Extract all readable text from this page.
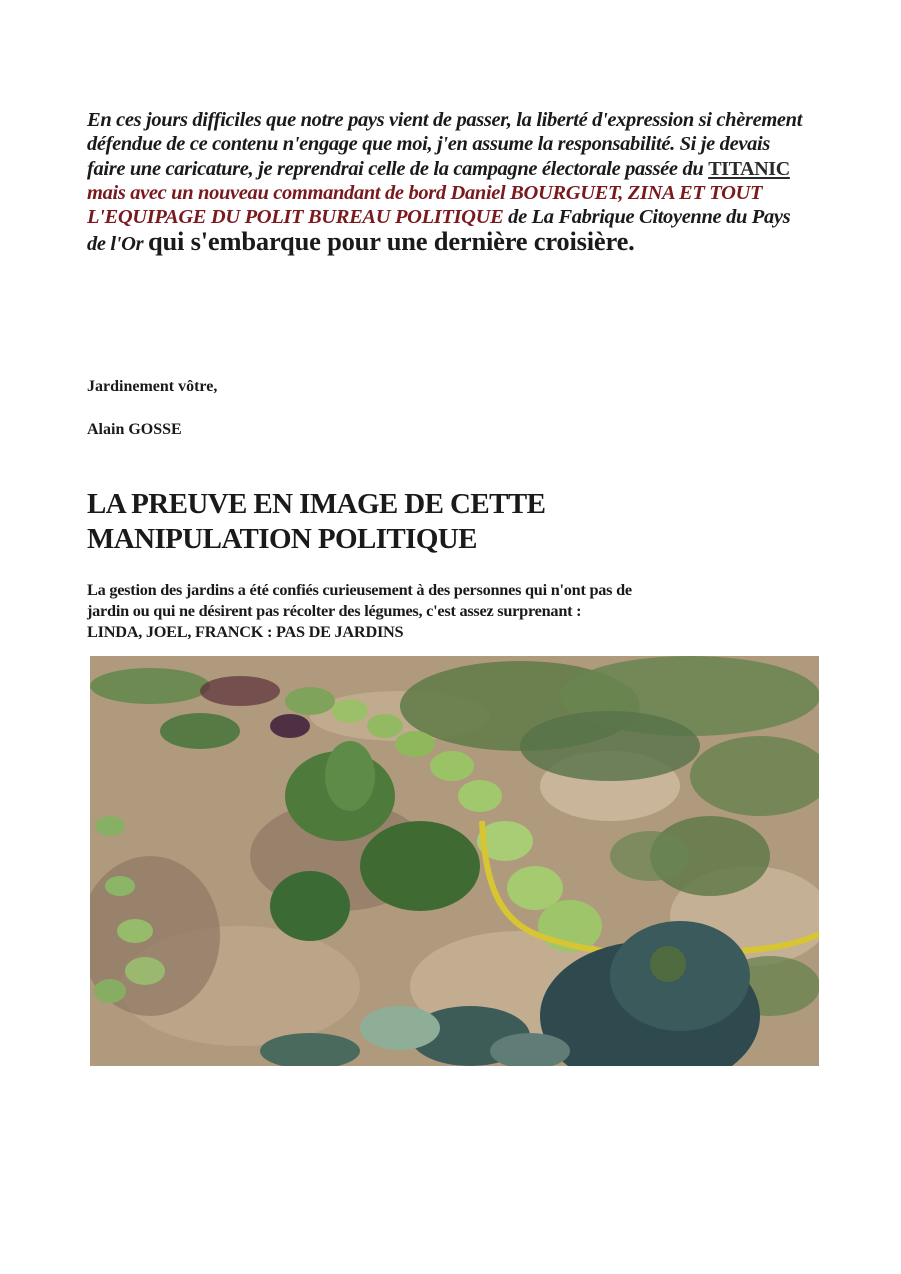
En ces jours difficiles que notre pays vient de passer, la liberté d'expression si chèrement défendue de ce contenu n'engage que moi, j'en assume la responsabilité. Si je devais faire une caricature, je reprendrai celle de la campagne électorale passée du TITANIC mais avec un nouveau commandant de bord Daniel BOURGUET, ZINA ET TOUT L'EQUIPAGE DU POLIT BUREAU POLITIQUE de La Fabrique Citoyenne du Pays de l'Or qui s'embarque pour une dernière croisière.

Jardinement vôtre,

Alain GOSSE

LA PREUVE EN IMAGE DE CETTE
MANIPULATION POLITIQUE

La gestion des jardins a été confiés curieusement à des personnes qui n'ont pas de
jardin ou qui ne désirent pas récolter des légumes, c'est assez surprenant :
LINDA, JOEL, FRANCK : PAS DE JARDINS
